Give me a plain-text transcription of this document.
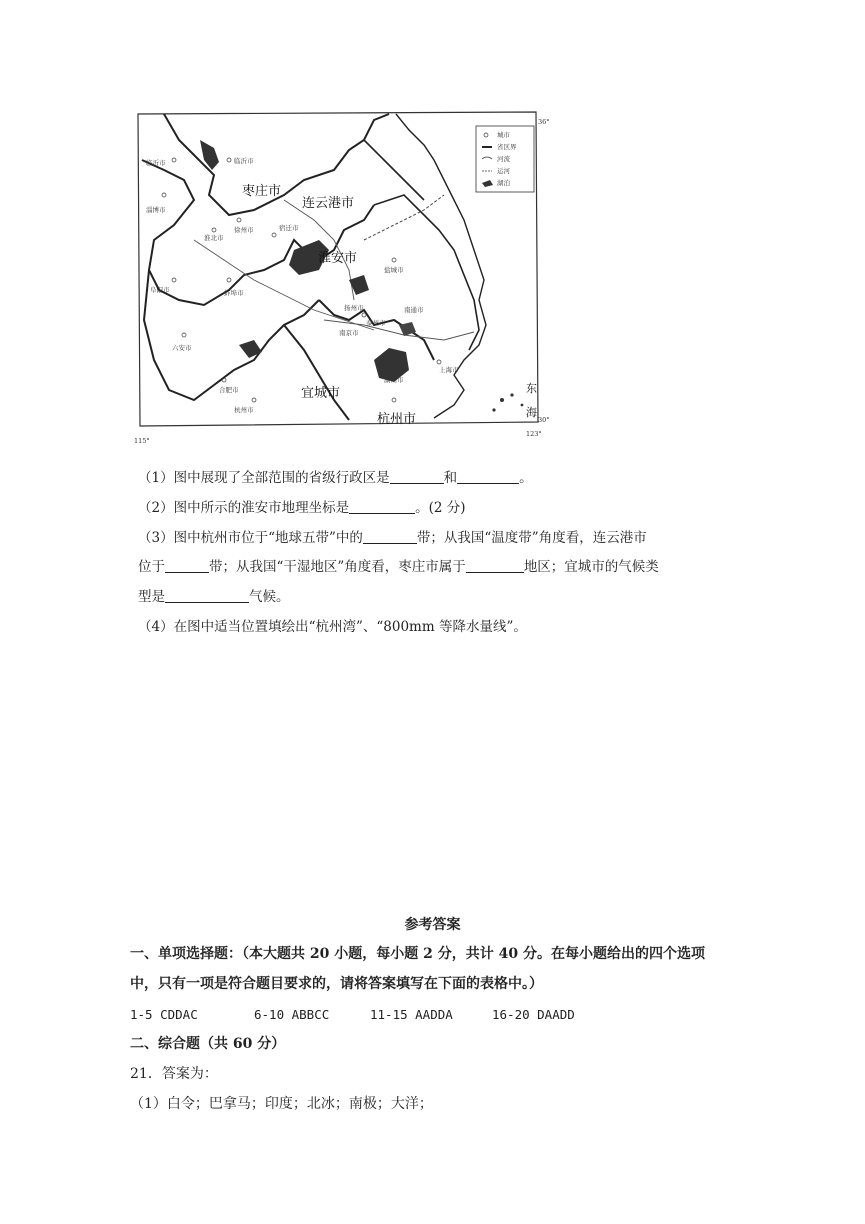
临沂市
淄博市
临沂市
淮北市
徐州市
阜阳市	蚌埠市
宿迁市
盐城市
泰州市
六安市
上海市
杭州市
湖州市
合肥市
扬州市
南京市
南通市
城市
省区界
河流
运河
湖泊
36°
30°
115°
123°
东
海
枣庄市
连云港市
淮安市
宜城市
杭州市
（1）图中展现了全部范围的省级行政区是	和	。
（2）图中所示的淮安市地理坐标是	。(2 分)
（3）图中杭州市位于“地球五带”中的	带；从我国“温度带”角度看，连云港市
位于	带；从我国“干湿地区”角度看，枣庄市属于	地区；宜城市的气候类
型是	气候。
（4）在图中适当位置填绘出“杭州湾”、“800mm 等降水量线”。
参考答案
一、单项选择题：（本大题共 20 小题，每小题 2 分，共计 40 分。在每小题给出的四个选项
中，只有一项是符合题目要求的，请将答案填写在下面的表格中。）
1-5 CDDAC	6-10 ABBCC	11-15 AADDA	16-20 DAADD
二、综合题（共 60 分）
21．答案为：
（1）白令；巴拿马；印度；北冰；南极；大洋；
